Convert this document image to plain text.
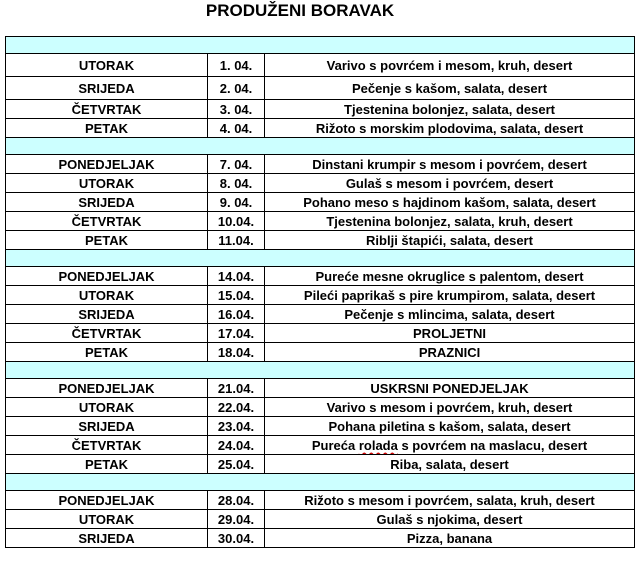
PRODUŽENI BORAVAK

UTORAK	1. 04.	Varivo s povrćem i mesom, kruh, desert
SRIJEDA	2. 04.	Pečenje s kašom, salata, desert
ČETVRTAK	3. 04.	Tjestenina bolonjez, salata, desert
PETAK	4. 04.	Rižoto s morskim plodovima, salata, desert

PONEDJELJAK	7. 04.	Dinstani krumpir s mesom i povrćem, desert
UTORAK	8. 04.	Gulaš s mesom i povrćem, desert
SRIJEDA	9. 04.	Pohano meso s hajdinom kašom, salata, desert
ČETVRTAK	10.04.	Tjestenina bolonjez, salata, kruh, desert
PETAK	11.04.	Riblji štapići, salata, desert

PONEDJELJAK	14.04.	Pureće mesne okruglice s palentom, desert
UTORAK	15.04.	Pileći paprikaš s pire krumpirom, salata, desert
SRIJEDA	16.04.	Pečenje s mlincima, salata, desert
ČETVRTAK	17.04.	PROLJETNI
PETAK	18.04.	PRAZNICI

PONEDJELJAK	21.04.	USKRSNI PONEDJELJAK
UTORAK	22.04.	Varivo s mesom i povrćem, kruh, desert
SRIJEDA	23.04.	Pohana piletina s kašom, salata, desert
ČETVRTAK	24.04.	Pureća rolada s povrćem na maslacu, desert
PETAK	25.04.	Riba, salata, desert

PONEDJELJAK	28.04.	Rižoto s mesom i povrćem, salata, kruh, desert
UTORAK	29.04.	Gulaš s njokima, desert
SRIJEDA	30.04.	Pizza, banana
